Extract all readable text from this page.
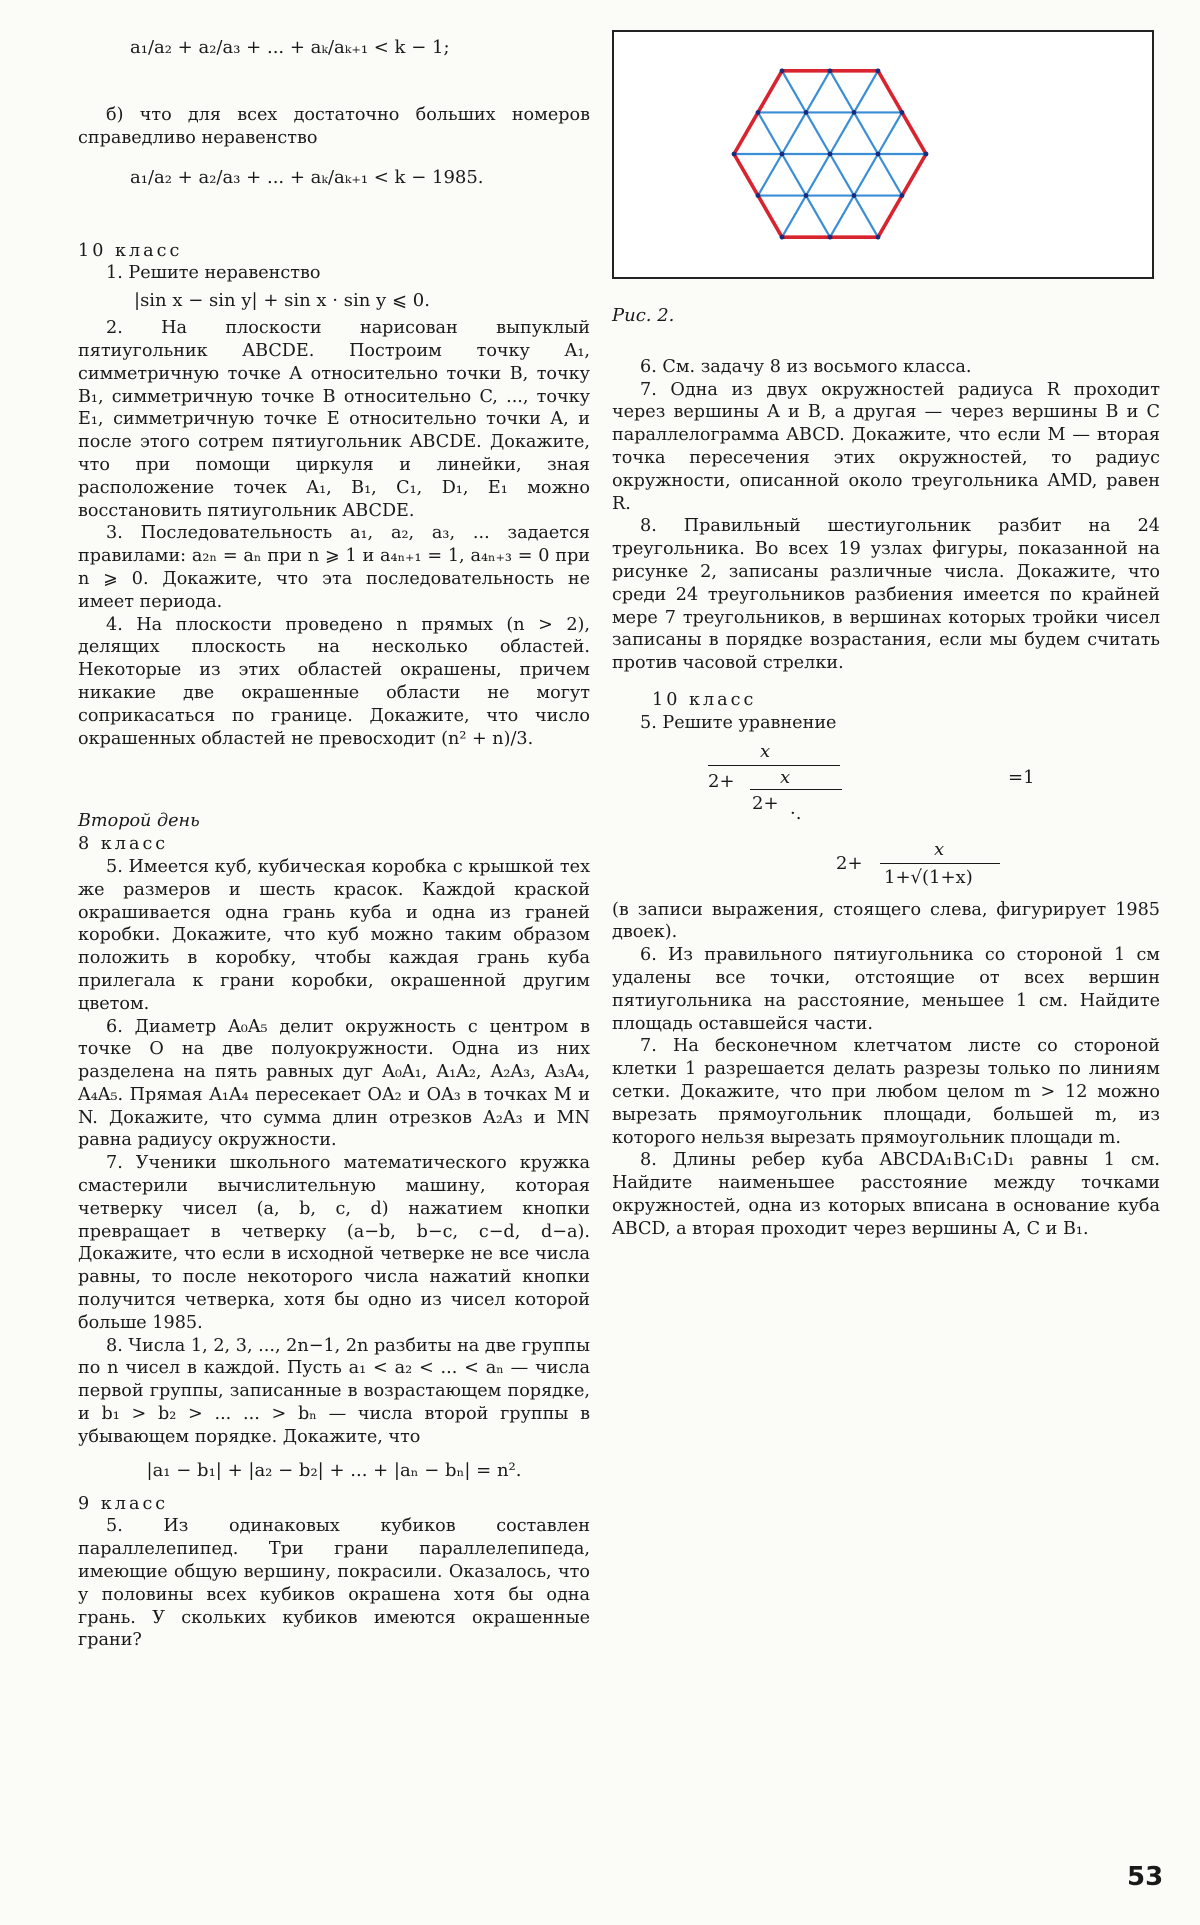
a₁/a₂ + a₂/a₃ + ... + aₖ/aₖ₊₁ < k − 1;

б) что для всех достаточно больших номеров справедливо неравенство

a₁/a₂ + a₂/a₃ + ... + aₖ/aₖ₊₁ < k − 1985.

10 класс

1. Решите неравенство

|sin x − sin y| + sin x · sin y ⩽ 0.

2. На плоскости нарисован выпуклый пятиугольник ABCDE. Построим точку A₁, симметричную точке A относительно точки B, точку B₁, симметричную точке B относительно C, ..., точку E₁, симметричную точке E относительно точки A, и после этого сотрем пятиугольник ABCDE. Докажите, что при помощи циркуля и линейки, зная расположение точек A₁, B₁, C₁, D₁, E₁ можно восстановить пятиугольник ABCDE.

3. Последовательность a₁, a₂, a₃, ... задается правилами: a₂ₙ = aₙ при n ⩾ 1 и a₄ₙ₊₁ = 1, a₄ₙ₊₃ = 0 при n ⩾ 0. Докажите, что эта последовательность не имеет периода.

4. На плоскости проведено n прямых (n > 2), делящих плоскость на несколько областей. Некоторые из этих областей окрашены, причем никакие две окрашенные области не могут соприкасаться по границе. Докажите, что число окрашенных областей не превосходит (n² + n)/3.

Второй день

8 класс

5. Имеется куб, кубическая коробка с крышкой тех же размеров и шесть красок. Каждой краской окрашивается одна грань куба и одна из граней коробки. Докажите, что куб можно таким образом положить в коробку, чтобы каждая грань куба прилегала к грани коробки, окрашенной другим цветом.

6. Диаметр A₀A₅ делит окружность с центром в точке O на две полуокружности. Одна из них разделена на пять равных дуг A₀A₁, A₁A₂, A₂A₃, A₃A₄, A₄A₅. Прямая A₁A₄ пересекает OA₂ и OA₃ в точках M и N. Докажите, что сумма длин отрезков A₂A₃ и MN равна радиусу окружности.

7. Ученики школьного математического кружка смастерили вычислительную машину, которая четверку чисел (a, b, c, d) нажатием кнопки превращает в четверку (a−b, b−c, c−d, d−a). Докажите, что если в исходной четверке не все числа равны, то после некоторого числа нажатий кнопки получится четверка, хотя бы одно из чисел которой больше 1985.

8. Числа 1, 2, 3, ..., 2n−1, 2n разбиты на две группы по n чисел в каждой. Пусть a₁ < a₂ < ... < aₙ — числа первой группы, записанные в возрастающем порядке, и b₁ > b₂ > ... ... > bₙ — числа второй группы в убывающем порядке. Докажите, что

|a₁ − b₁| + |a₂ − b₂| + ... + |aₙ − bₙ| = n².

9 класс

5. Из одинаковых кубиков составлен параллелепипед. Три грани параллелепипеда, имеющие общую вершину, покрасили. Оказалось, что у половины всех кубиков окрашена хотя бы одна грань. У скольких кубиков имеются окрашенные грани?

Рис. 2.

6. См. задачу 8 из восьмого класса.

7. Одна из двух окружностей радиуса R проходит через вершины A и B, а другая — через вершины B и C параллелограмма ABCD. Докажите, что если M — вторая точка пересечения этих окружностей, то радиус окружности, описанной около треугольника AMD, равен R.

8. Правильный шестиугольник разбит на 24 треугольника. Во всех 19 узлах фигуры, показанной на рисунке 2, записаны различные числа. Докажите, что среди 24 треугольников разбиения имеется по крайней мере 7 треугольников, в вершинах которых тройки чисел записаны в порядке возрастания, если мы будем считать против часовой стрелки.

10 класс

5. Решите уравнение

x
2+	x
2+ ·.
=1
x
2+
1+√(1+x)

(в записи выражения, стоящего слева, фигурирует 1985 двоек).

6. Из правильного пятиугольника со стороной 1 см удалены все точки, отстоящие от всех вершин пятиугольника на расстояние, меньшее 1 см. Найдите площадь оставшейся части.

7. На бесконечном клетчатом листе со стороной клетки 1 разрешается делать разрезы только по линиям сетки. Докажите, что при любом целом m > 12 можно вырезать прямоугольник площади, большей m, из которого нельзя вырезать прямоугольник площади m.

8. Длины ребер куба ABCDA₁B₁C₁D₁ равны 1 см. Найдите наименьшее расстояние между точками окружностей, одна из которых вписана в основание куба ABCD, а вторая проходит через вершины A, C и B₁.

53
